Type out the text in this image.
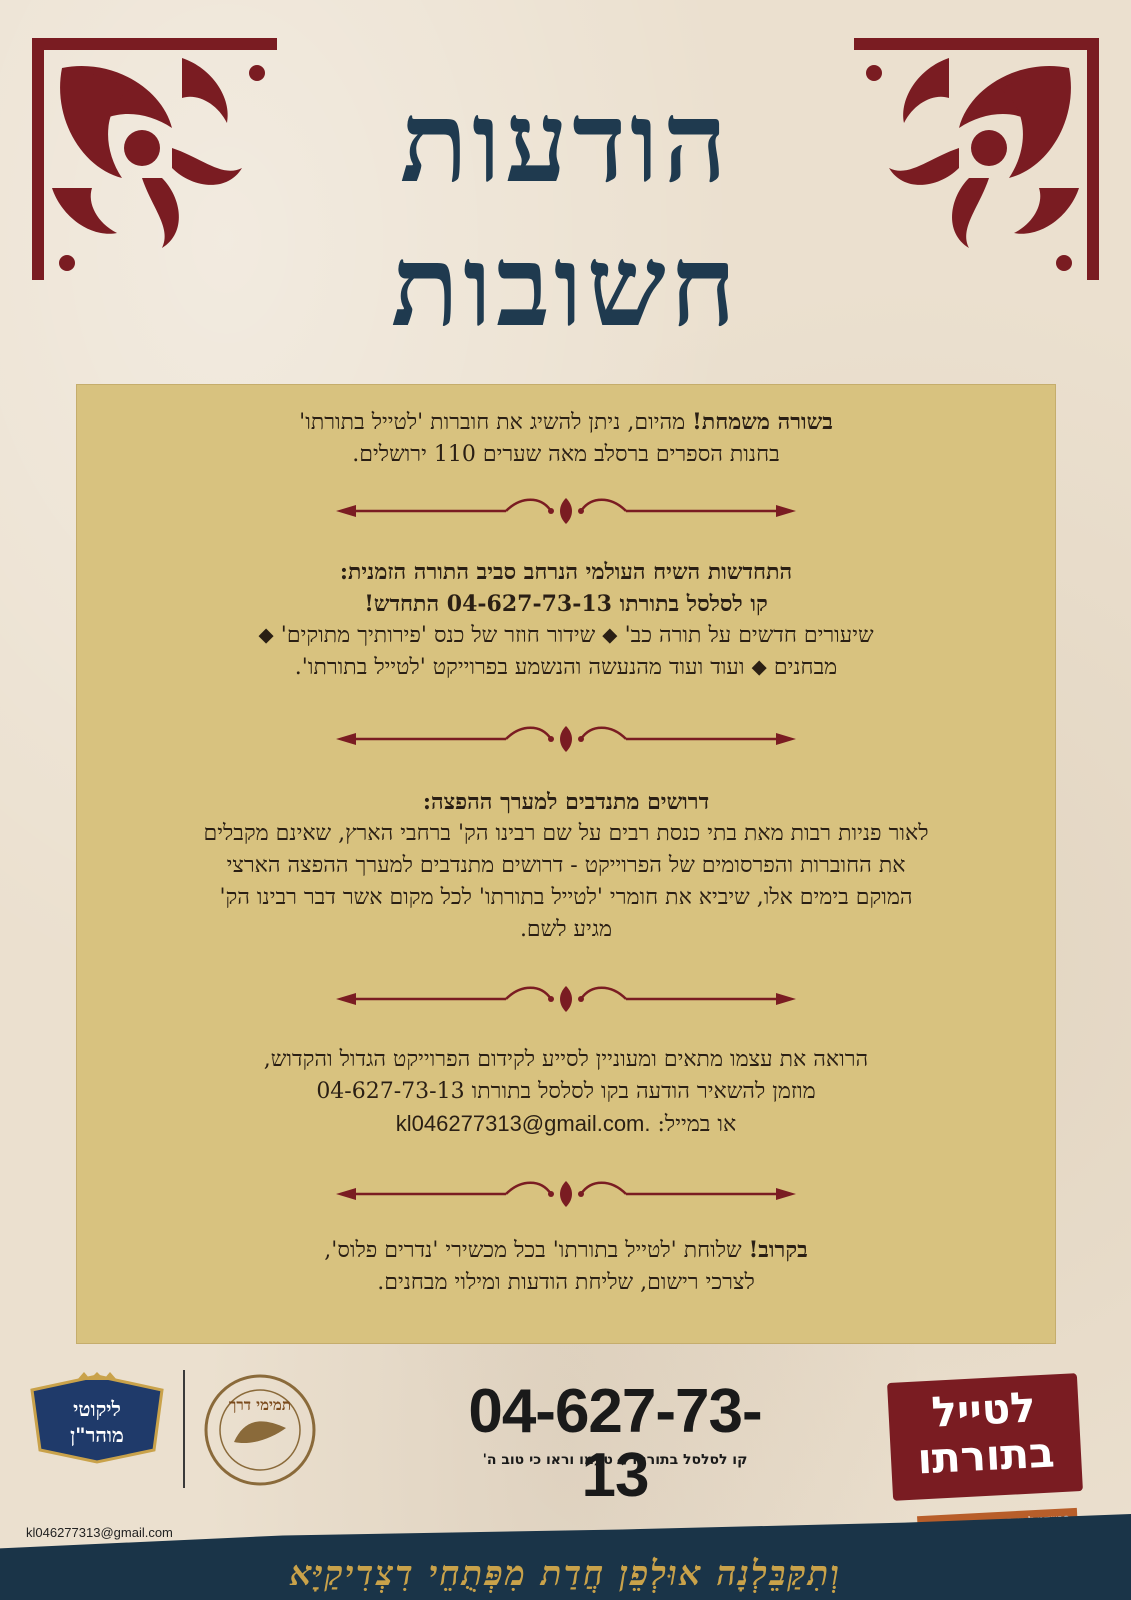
הודעות
חשובות
בשורה משמחת! מהיום, ניתן להשיג את חוברות 'לטייל בתורתו'
בחנות הספרים ברסלב מאה שערים 110 ירושלים.
התחדשות השיח העולמי הנרחב סביב התורה הזמנית:
קו לסלסל בתורתו 04-627-73-13 התחדש!
שיעורים חדשים על תורה כב' ⬥ שידור חוזר של כנס 'פירותיך מתוקים' ⬥
מבחנים ⬥ ועוד ועוד מהנעשה והנשמע בפרוייקט 'לטייל בתורתו'.
דרושים מתנדבים למערך ההפצה:
לאור פניות רבות מאת בתי כנסת רבים על שם רבינו הק' ברחבי הארץ, שאינם מקבלים
את החוברות והפרסומים של הפרוייקט - דרושים מתנדבים למערך ההפצה הארצי
המוקם בימים אלו, שיביא את חומרי 'לטייל בתורתו' לכל מקום אשר דבר רבינו הק'
מגיע לשם.
הרואה את עצמו מתאים ומעוניין לסייע לקידום הפרוייקט הגדול והקדוש,
מוזמן להשאיר הודעה בקו לסלסל בתורתו 04-627-73-13
או במייל: kl046277313@gmail.com.
בקרוב! שלוחת 'לטייל בתורתו' בכל מכשירי 'נדרים פלוס',
לצרכי רישום, שליחת הודעות ומילוי מבחנים.
ליקוטי
מוהר"ן
kl046277313@gmail.com
תמימי דרך	04-627-73-13
קו לסלסל בתורתו ⬥ טעמו וראו כי טוב ה'
לטייל
בתורתו
וְתִקַּבֵּלְנָה אוּלְפֵן חֲדַת מִפְּתֻחֵי דִצְדִיקַיָּא
